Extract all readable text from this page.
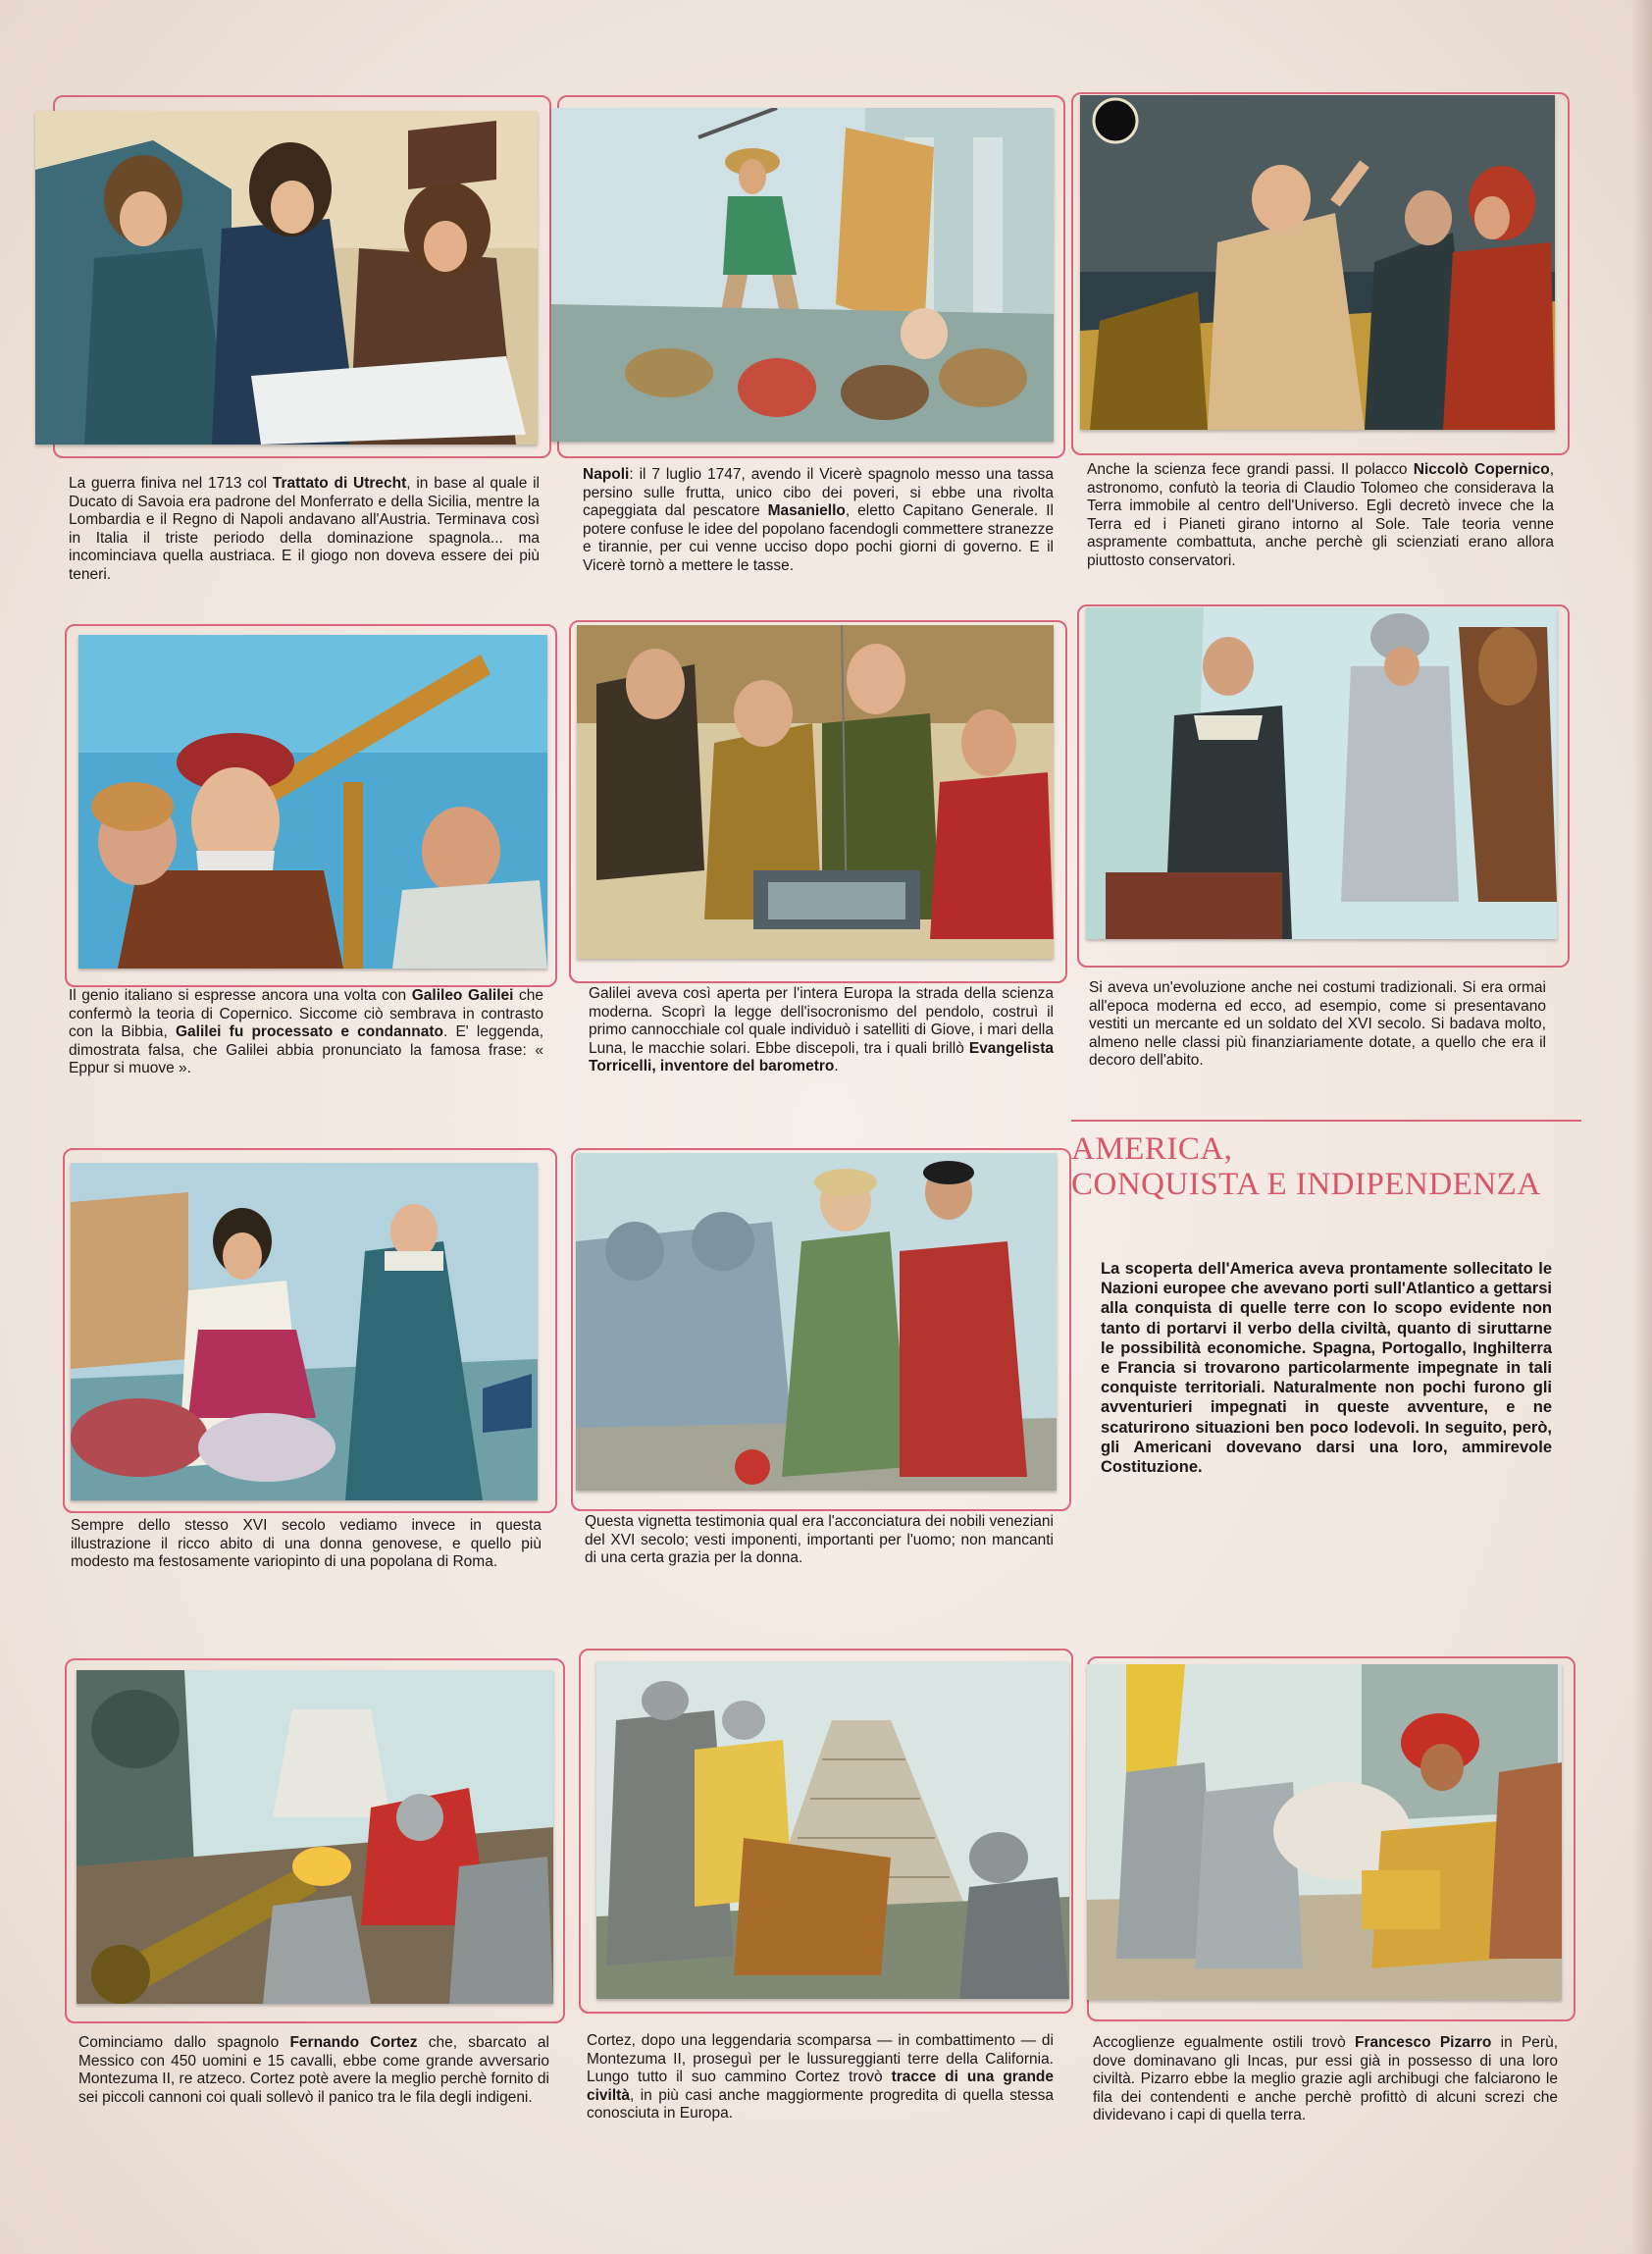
La guerra finiva nel 1713 col Trattato di Utrecht, in base al quale il Ducato di Savoia era padrone del Monferrato e della Sicilia, mentre la Lombardia e il Regno di Napoli andavano all'Austria. Terminava così in Italia il triste periodo della dominazione spagnola... ma incominciava quella austriaca. E il giogo non doveva essere dei più teneri.
Napoli: il 7 luglio 1747, avendo il Vicerè spagnolo messo una tassa persino sulle frutta, unico cibo dei poveri, si ebbe una rivolta capeggiata dal pescatore Masaniello, eletto Capitano Generale. Il potere confuse le idee del popolano facendogli commettere stranezze e tirannie, per cui venne ucciso dopo pochi giorni di governo. E il Vicerè tornò a mettere le tasse.
Anche la scienza fece grandi passi. Il polacco Niccolò Copernico, astronomo, confutò la teoria di Claudio Tolomeo che considerava la Terra immobile al centro dell'Universo. Egli decretò invece che la Terra ed i Pianeti girano intorno al Sole. Tale teoria venne aspramente combattuta, anche perchè gli scienziati erano allora piuttosto conservatori.
Il genio italiano si espresse ancora una volta con Galileo Galilei che confermò la teoria di Copernico. Siccome ciò sembrava in contrasto con la Bibbia, Galilei fu processato e condannato. E' leggenda, dimostrata falsa, che Galilei abbia pronunciato la famosa frase: « Eppur si muove ».
Galilei aveva così aperta per l'intera Europa la strada della scienza moderna. Scoprì la legge dell'isocronismo del pendolo, costruì il primo cannocchiale col quale individuò i satelliti di Giove, i mari della Luna, le macchie solari. Ebbe discepoli, tra i quali brillò Evangelista Torricelli, inventore del barometro.
Si aveva un'evoluzione anche nei costumi tradizionali. Si era ormai all'epoca moderna ed ecco, ad esempio, come si presentavano vestiti un mercante ed un soldato del XVI secolo. Si badava molto, almeno nelle classi più finanziariamente dotate, a quello che era il decoro dell'abito.
Sempre dello stesso XVI secolo vediamo invece in questa illustrazione il ricco abito di una donna genovese, e quello più modesto ma festosamente variopinto di una popolana di Roma.
Questa vignetta testimonia qual era l'acconciatura dei nobili veneziani del XVI secolo; vesti imponenti, importanti per l'uomo; non mancanti di una certa grazia per la donna.
AMERICA,
CONQUISTA E INDIPENDENZA
La scoperta dell'America aveva prontamente sollecitato le Nazioni europee che avevano porti sull'Atlantico a gettarsi alla conquista di quelle terre con lo scopo evidente non tanto di portarvi il verbo della civiltà, quanto di siruttarne le possibilità economiche. Spagna, Portogallo, Inghilterra e Francia si trovarono particolarmente impegnate in tali conquiste territoriali. Naturalmente non pochi furono gli avventurieri impegnati in queste avventure, e ne scaturirono situazioni ben poco lodevoli. In seguito, però, gli Americani dovevano darsi una loro, ammirevole Costituzione.
Cominciamo dallo spagnolo Fernando Cortez che, sbarcato al Messico con 450 uomini e 15 cavalli, ebbe come grande avversario Montezuma II, re atzeco. Cortez potè avere la meglio perchè fornito di sei piccoli cannoni coi quali sollevò il panico tra le fila degli indigeni.
Cortez, dopo una leggendaria scomparsa — in combattimento — di Montezuma II, proseguì per le lussureggianti terre della California. Lungo tutto il suo cammino Cortez trovò tracce di una grande civiltà, in più casi anche maggiormente progredita di quella stessa conosciuta in Europa.
Accoglienze egualmente ostili trovò Francesco Pizarro in Perù, dove dominavano gli Incas, pur essi già in possesso di una loro civiltà. Pizarro ebbe la meglio grazie agli archibugi che falciarono le fila dei contendenti e anche perchè profittò di alcuni screzi che dividevano i capi di quella terra.
